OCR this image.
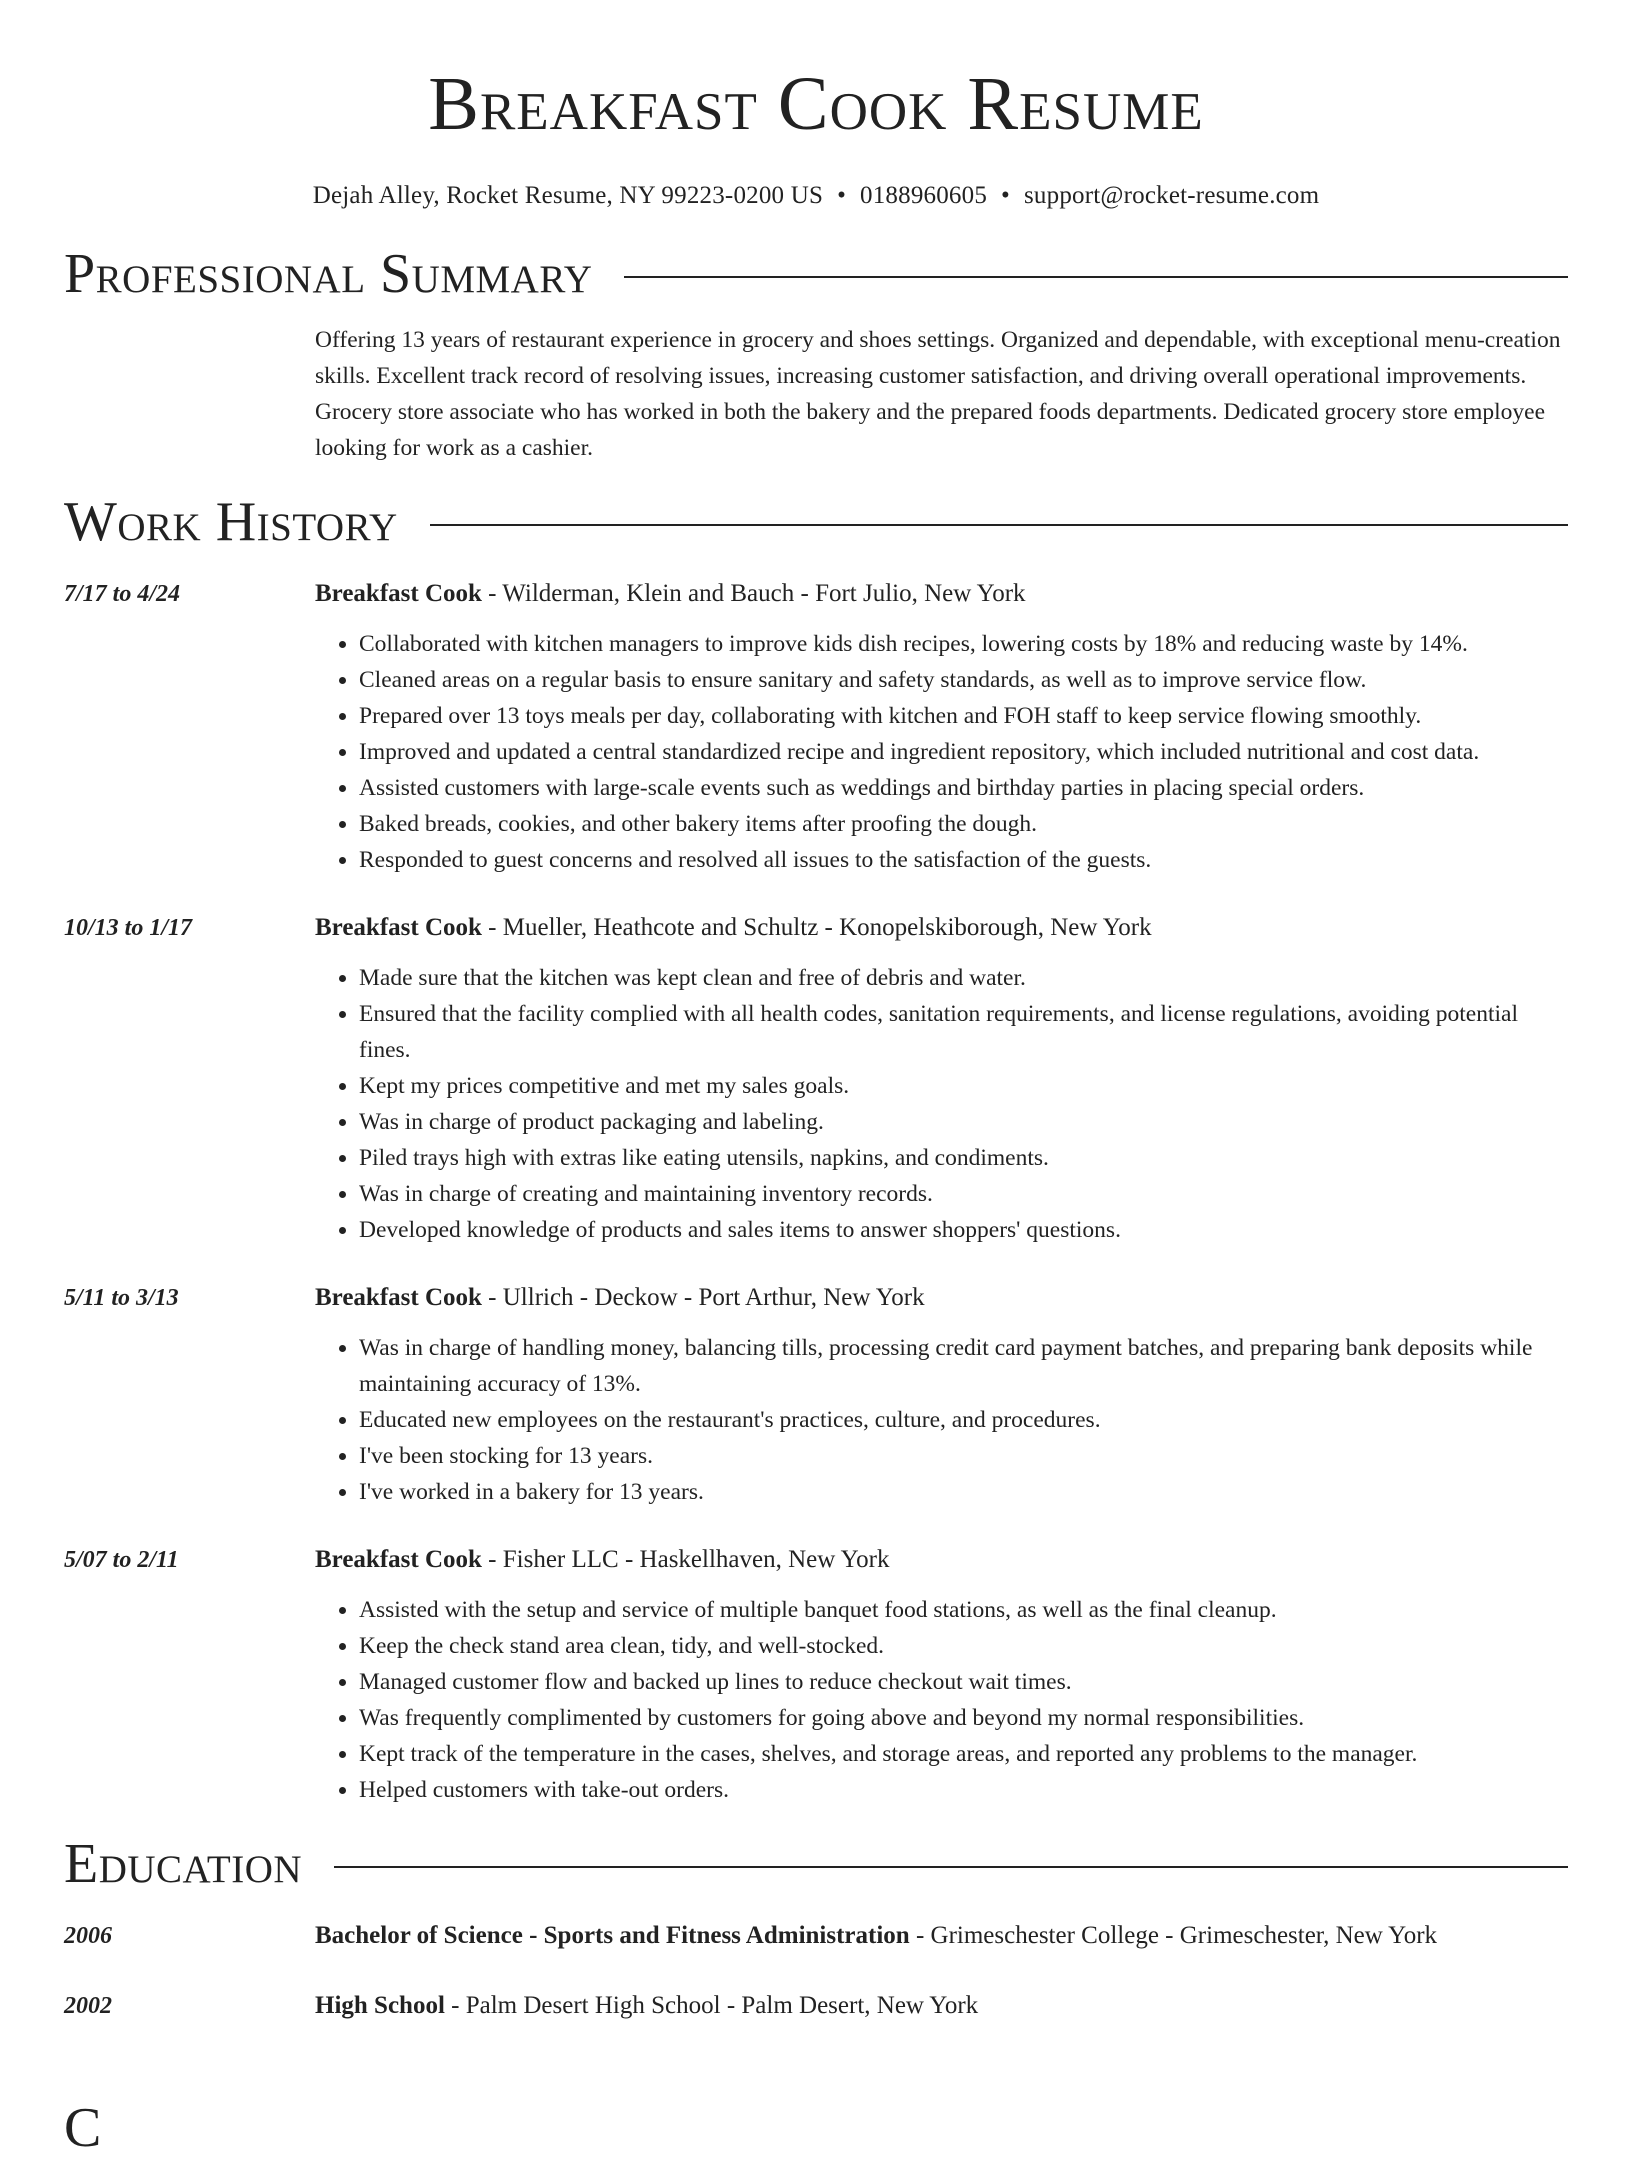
Breakfast Cook Resume
Dejah Alley, Rocket Resume, NY 99223-0200 US • 0188960605 • support@rocket-resume.com
Professional Summary
Offering 13 years of restaurant experience in grocery and shoes settings. Organized and dependable, with exceptional menu-creation skills. Excellent track record of resolving issues, increasing customer satisfaction, and driving overall operational improvements. Grocery store associate who has worked in both the bakery and the prepared foods departments. Dedicated grocery store employee looking for work as a cashier.
Work History
7/17 to 4/24	Breakfast Cook - Wilderman, Klein and Bauch - Fort Julio, New York
• Collaborated with kitchen managers to improve kids dish recipes, lowering costs by 18% and reducing waste by 14%.
• Cleaned areas on a regular basis to ensure sanitary and safety standards, as well as to improve service flow.
• Prepared over 13 toys meals per day, collaborating with kitchen and FOH staff to keep service flowing smoothly.
• Improved and updated a central standardized recipe and ingredient repository, which included nutritional and cost data.
• Assisted customers with large-scale events such as weddings and birthday parties in placing special orders.
• Baked breads, cookies, and other bakery items after proofing the dough.
• Responded to guest concerns and resolved all issues to the satisfaction of the guests.
10/13 to 1/17	Breakfast Cook - Mueller, Heathcote and Schultz - Konopelskiborough, New York
• Made sure that the kitchen was kept clean and free of debris and water.
• Ensured that the facility complied with all health codes, sanitation requirements, and license regulations, avoiding potential fines.
• Kept my prices competitive and met my sales goals.
• Was in charge of product packaging and labeling.
• Piled trays high with extras like eating utensils, napkins, and condiments.
• Was in charge of creating and maintaining inventory records.
• Developed knowledge of products and sales items to answer shoppers' questions.
5/11 to 3/13	Breakfast Cook - Ullrich - Deckow - Port Arthur, New York
• Was in charge of handling money, balancing tills, processing credit card payment batches, and preparing bank deposits while maintaining accuracy of 13%.
• Educated new employees on the restaurant's practices, culture, and procedures.
• I've been stocking for 13 years.
• I've worked in a bakery for 13 years.
5/07 to 2/11	Breakfast Cook - Fisher LLC - Haskellhaven, New York
• Assisted with the setup and service of multiple banquet food stations, as well as the final cleanup.
• Keep the check stand area clean, tidy, and well-stocked.
• Managed customer flow and backed up lines to reduce checkout wait times.
• Was frequently complimented by customers for going above and beyond my normal responsibilities.
• Kept track of the temperature in the cases, shelves, and storage areas, and reported any problems to the manager.
• Helped customers with take-out orders.
Education
2006	Bachelor of Science - Sports and Fitness Administration - Grimeschester College - Grimeschester, New York
2002	High School - Palm Desert High School - Palm Desert, New York
C
